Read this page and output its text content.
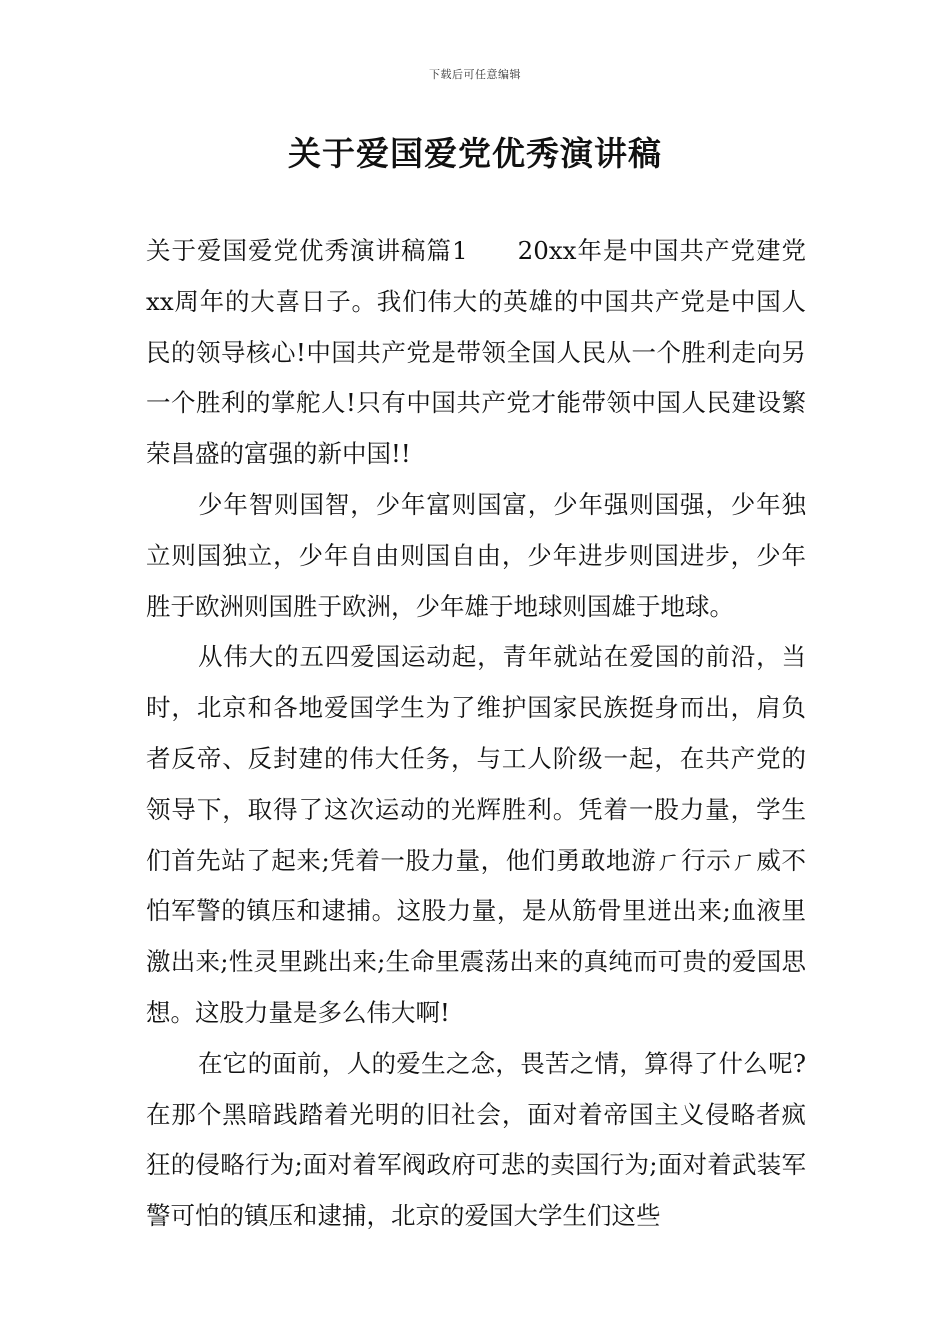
下载后可任意编辑
关于爱国爱党优秀演讲稿

关于爱国爱党优秀演讲稿篇1 20xx年是中国共产党建党xx周年的大喜日子。我们伟大的英雄的中国共产党是中国人民的领导核心!中国共产党是带领全国人民从一个胜利走向另一个胜利的掌舵人!只有中国共产党才能带领中国人民建设繁荣昌盛的富强的新中国!!

少年智则国智，少年富则国富，少年强则国强，少年独立则国独立，少年自由则国自由，少年进步则国进步，少年胜于欧洲则国胜于欧洲，少年雄于地球则国雄于地球。

从伟大的五四爱国运动起，青年就站在爱国的前沿，当时，北京和各地爱国学生为了维护国家民族挺身而出，肩负者反帝、反封建的伟大任务，与工人阶级一起，在共产党的领导下，取得了这次运动的光辉胜利。凭着一股力量，学生们首先站了起来;凭着一股力量，他们勇敢地游ㄏ行示ㄏ威不怕军警的镇压和逮捕。这股力量，是从筋骨里迸出来;血液里激出来;性灵里跳出来;生命里震荡出来的真纯而可贵的爱国思想。这股力量是多么伟大啊!

在它的面前，人的爱生之念，畏苦之情，算得了什么呢?在那个黑暗践踏着光明的旧社会，面对着帝国主义侵略者疯狂的侵略行为;面对着军阀政府可悲的卖国行为;面对着武装军警可怕的镇压和逮捕，北京的爱国大学生们这些
